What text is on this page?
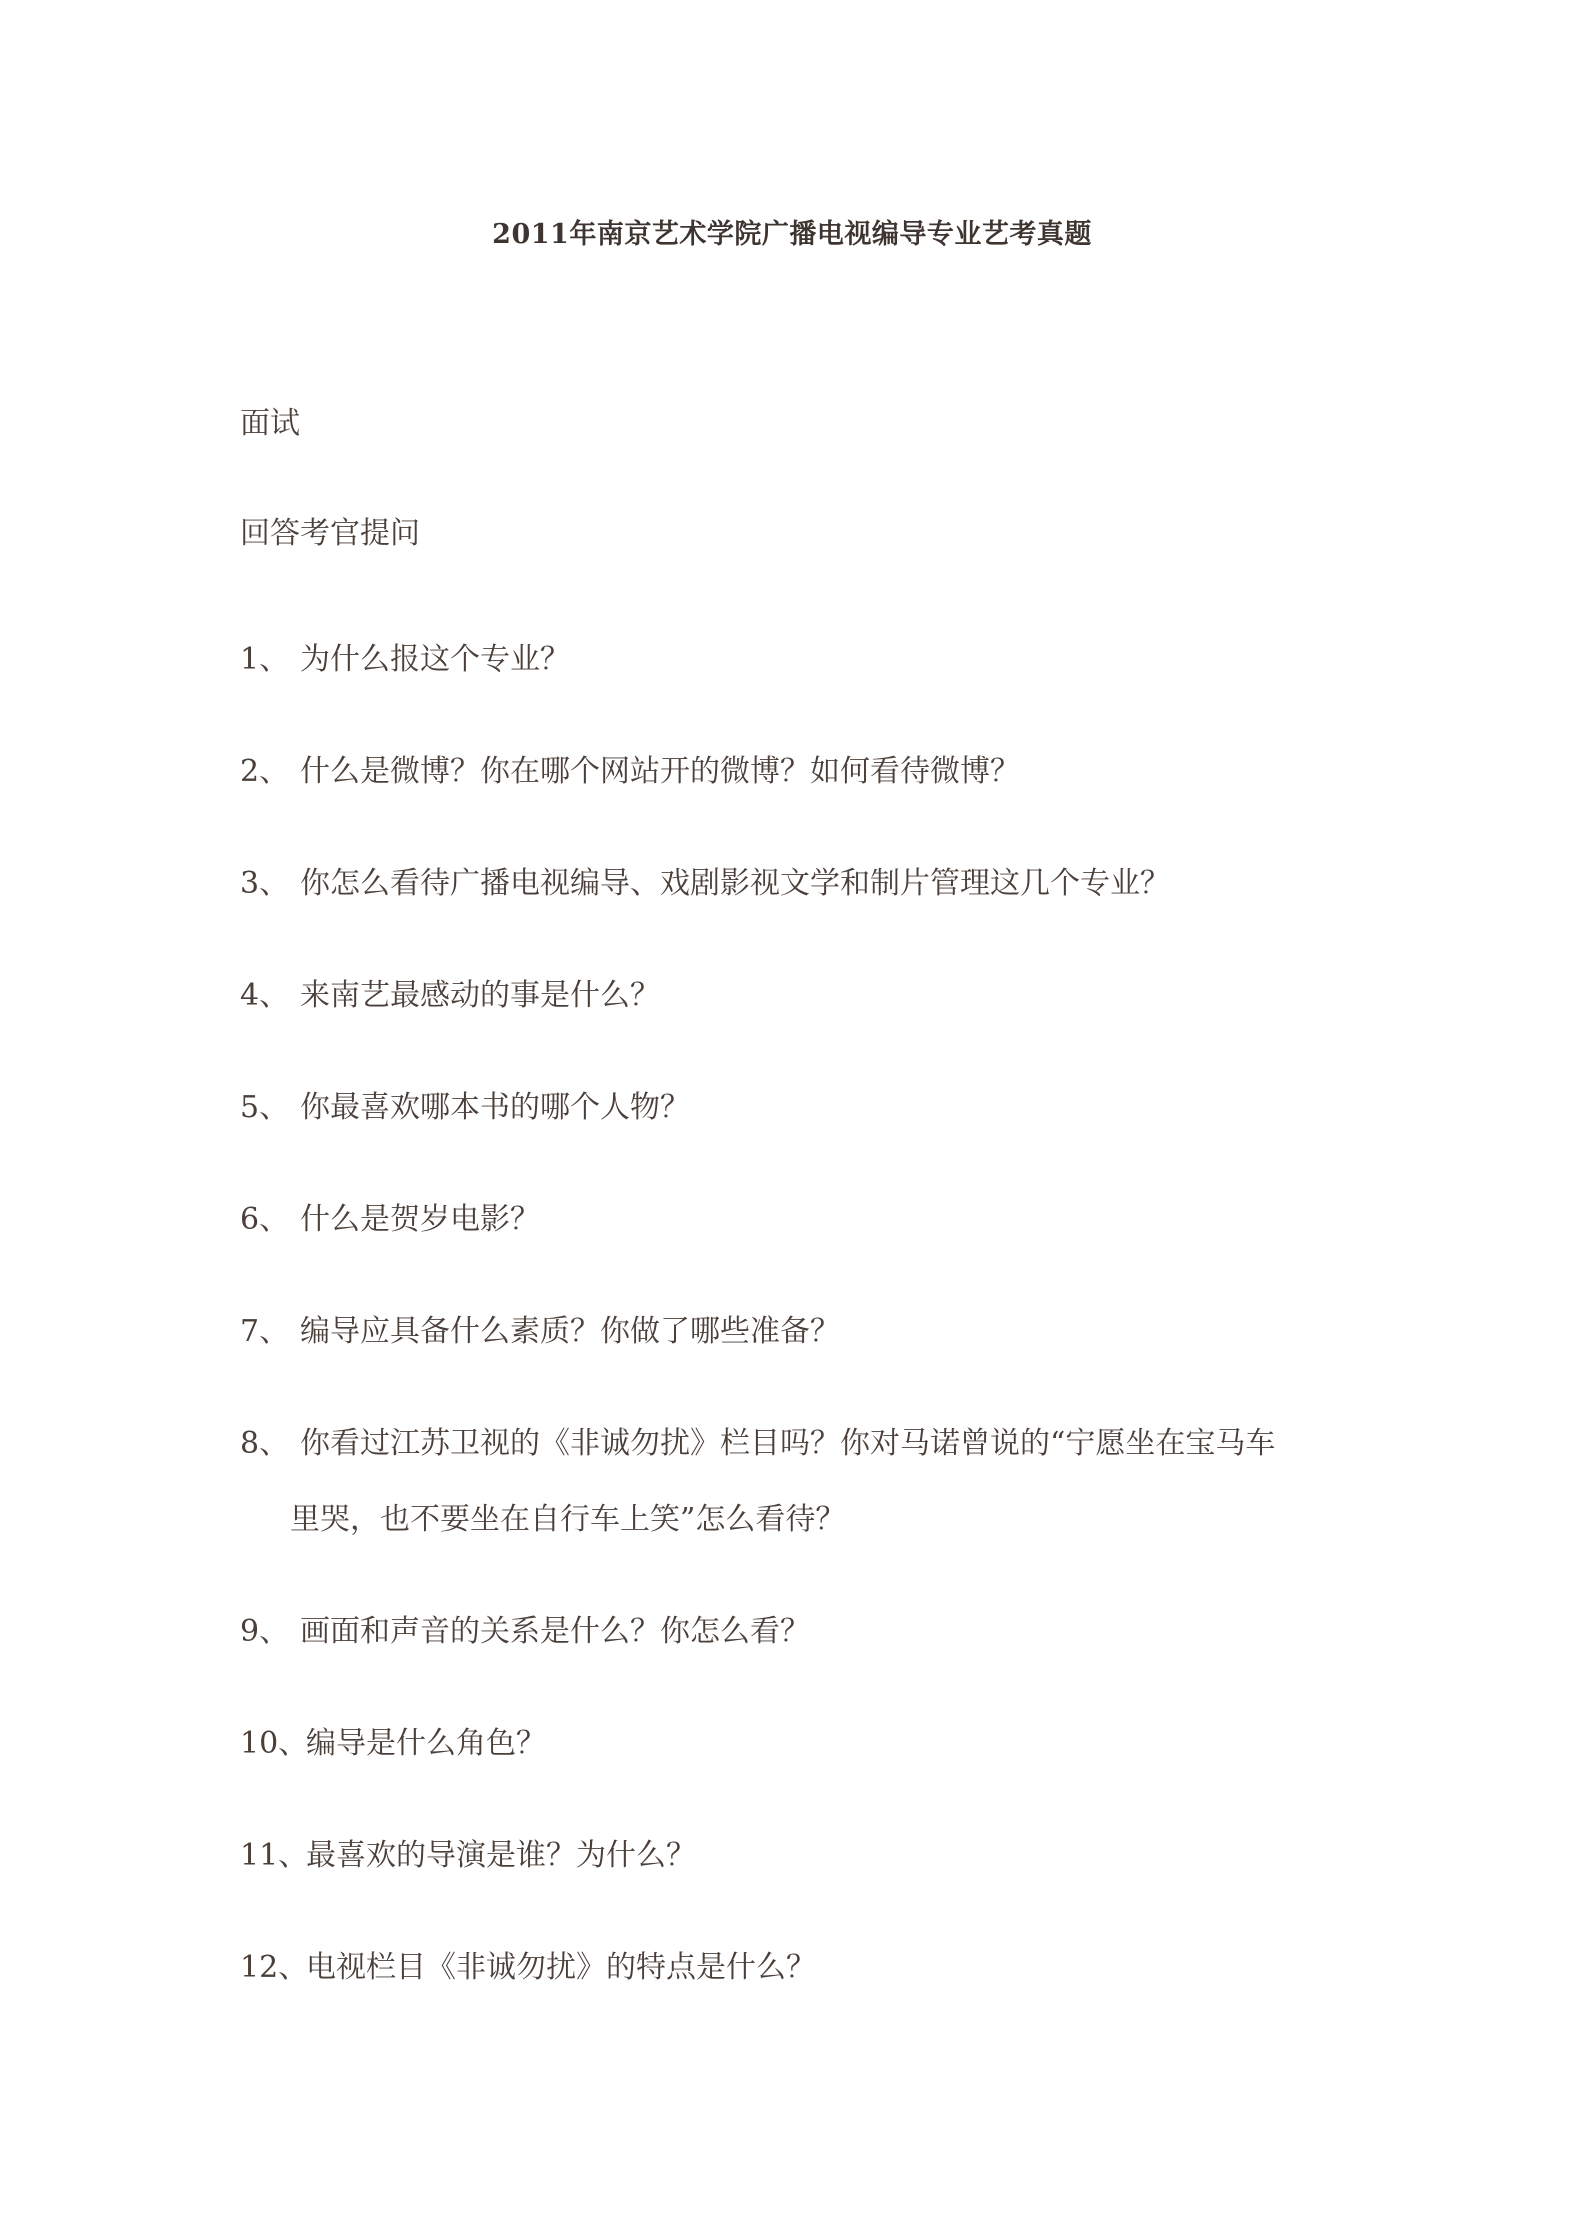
2011年南京艺术学院广播电视编导专业艺考真题
面试
回答考官提问
1、 为什么报这个专业？
2、 什么是微博？你在哪个网站开的微博？如何看待微博？
3、 你怎么看待广播电视编导、戏剧影视文学和制片管理这几个专业？
4、 来南艺最感动的事是什么？
5、 你最喜欢哪本书的哪个人物？
6、 什么是贺岁电影？
7、 编导应具备什么素质？你做了哪些准备？
8、 你看过江苏卫视的《非诚勿扰》栏目吗？你对马诺曾说的“宁愿坐在宝马车
里哭，也不要坐在自行车上笑”怎么看待？
9、 画面和声音的关系是什么？你怎么看？
10、
编导是什么角色？
11、
最喜欢的导演是谁？为什么？
12、
电视栏目《非诚勿扰》的特点是什么？
